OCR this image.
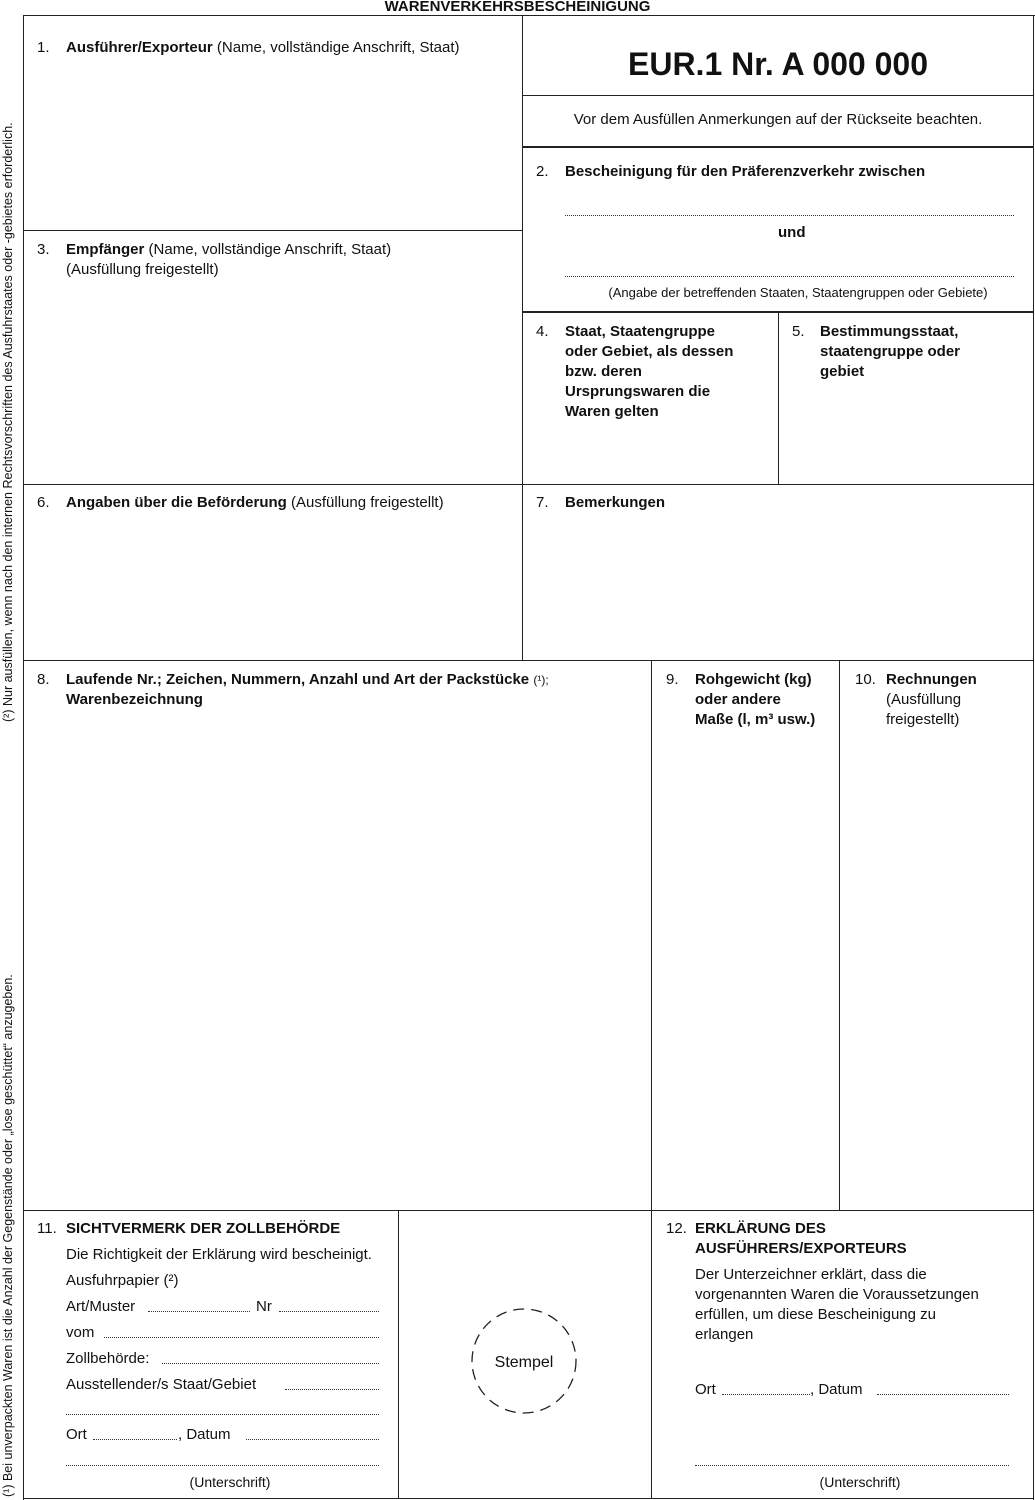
WARENVERKEHRSBESCHEINIGUNG
(¹) Bei unverpackten Waren ist die Anzahl der Gegenstände oder „lose geschüttet“ anzugeben.
(²) Nur ausfüllen, wenn nach den internen Rechtsvorschriften des Ausfuhrstaates oder -gebietes erforderlich.
EUR.1 Nr. A 000 000
Vor dem Ausfüllen Anmerkungen auf der Rückseite beachten.
1. Ausführer/Exporteur (Name, vollständige Anschrift, Staat)
2. Bescheinigung für den Präferenzverkehr zwischen
und
(Angabe der betreffenden Staaten, Staatengruppen oder Gebiete)
3. Empfänger (Name, vollständige Anschrift, Staat)
(Ausfüllung freigestellt)
4. Staat, Staatengruppe
oder Gebiet, als dessen
bzw. deren
Ursprungswaren die
Waren gelten
5. Bestimmungsstaat,
staatengruppe oder
gebiet
6. Angaben über die Beförderung (Ausfüllung freigestellt)	7. Bemerkungen
8. Laufende Nr.; Zeichen, Nummern, Anzahl und Art der Packstücke (¹);
Warenbezeichnung
9. Rohgewicht (kg)
oder andere
Maße (l, m³ usw.)
10. Rechnungen
(Ausfüllung
freigestellt)
11. SICHTVERMERK DER ZOLLBEHÖRDE
Die Richtigkeit der Erklärung wird bescheinigt.
Ausfuhrpapier (²)
Art/Muster	Nr
vom
Zollbehörde:
Ausstellender/s Staat/Gebiet
Ort	, Datum
(Unterschrift)
Stempel
12. ERKLÄRUNG DES
AUSFÜHRERS/EXPORTEURS
Der Unterzeichner erklärt, dass die
vorgenannten Waren die Voraussetzungen
erfüllen, um diese Bescheinigung zu
erlangen
Ort	, Datum
(Unterschrift)
